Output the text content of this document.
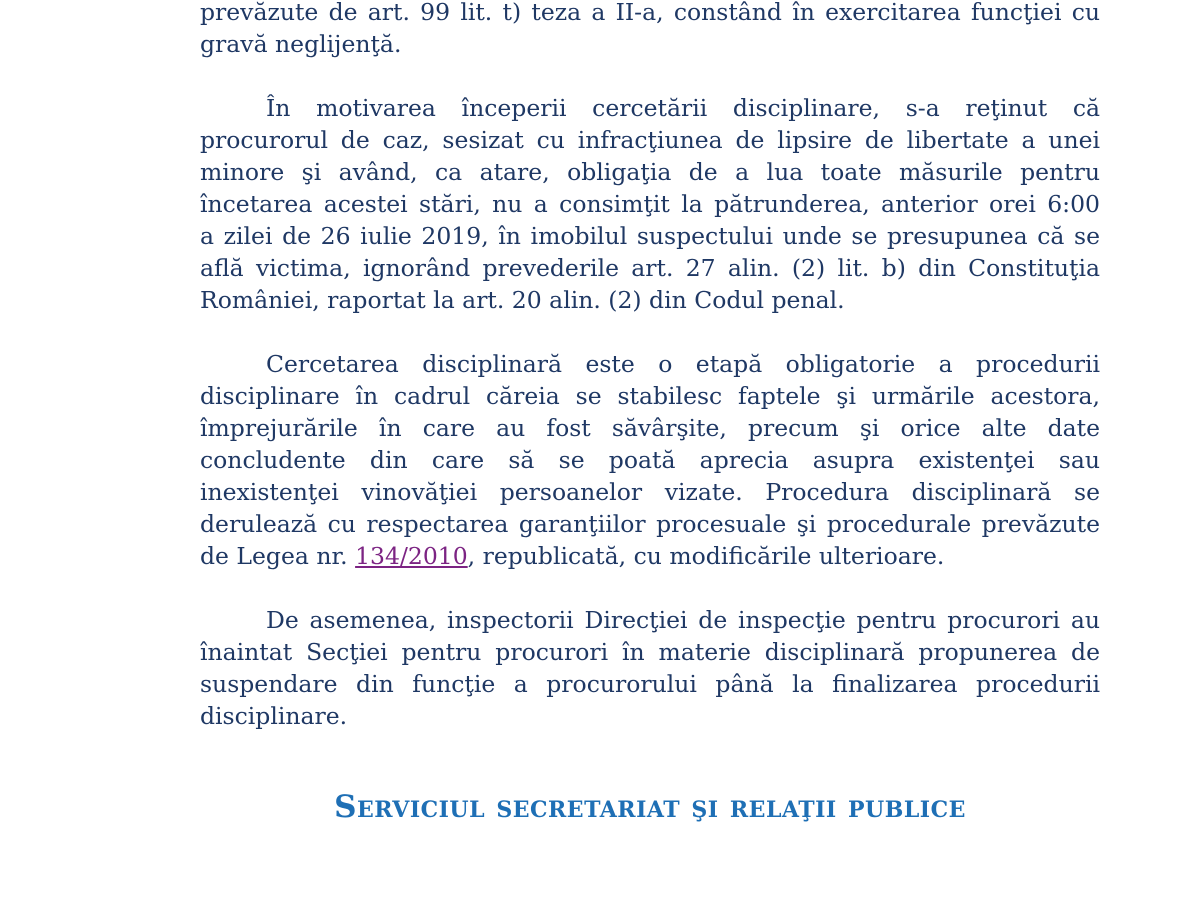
prevăzute de art. 99 lit. t) teza a II-a, constând în exercitarea funcţiei cu
gravă neglijenţă.

În motivarea începerii cercetării disciplinare, s-a reţinut că
procurorul de caz, sesizat cu infracţiunea de lipsire de libertate a unei
minore şi având, ca atare, obligaţia de a lua toate măsurile pentru
încetarea acestei stări, nu a consimţit la pătrunderea, anterior orei 6:00
a zilei de 26 iulie 2019, în imobilul suspectului unde se presupunea că se
află victima, ignorând prevederile art. 27 alin. (2) lit. b) din Constituţia
României, raportat la art. 20 alin. (2) din Codul penal.

Cercetarea disciplinară este o etapă obligatorie a procedurii
disciplinare în cadrul căreia se stabilesc faptele şi urmările acestora,
împrejurările în care au fost săvârşite, precum şi orice alte date
concludente din care să se poată aprecia asupra existenţei sau
inexistenţei vinovăţiei persoanelor vizate. Procedura disciplinară se
derulează cu respectarea garanţiilor procesuale şi procedurale prevăzute
de Legea nr. 134/2010, republicată, cu modificările ulterioare.

De asemenea, inspectorii Direcţiei de inspecţie pentru procurori au
înaintat Secţiei pentru procurori în materie disciplinară propunerea de
suspendare din funcţie a procurorului până la finalizarea procedurii
disciplinare.

Serviciul secretariat şi relaţii publice
